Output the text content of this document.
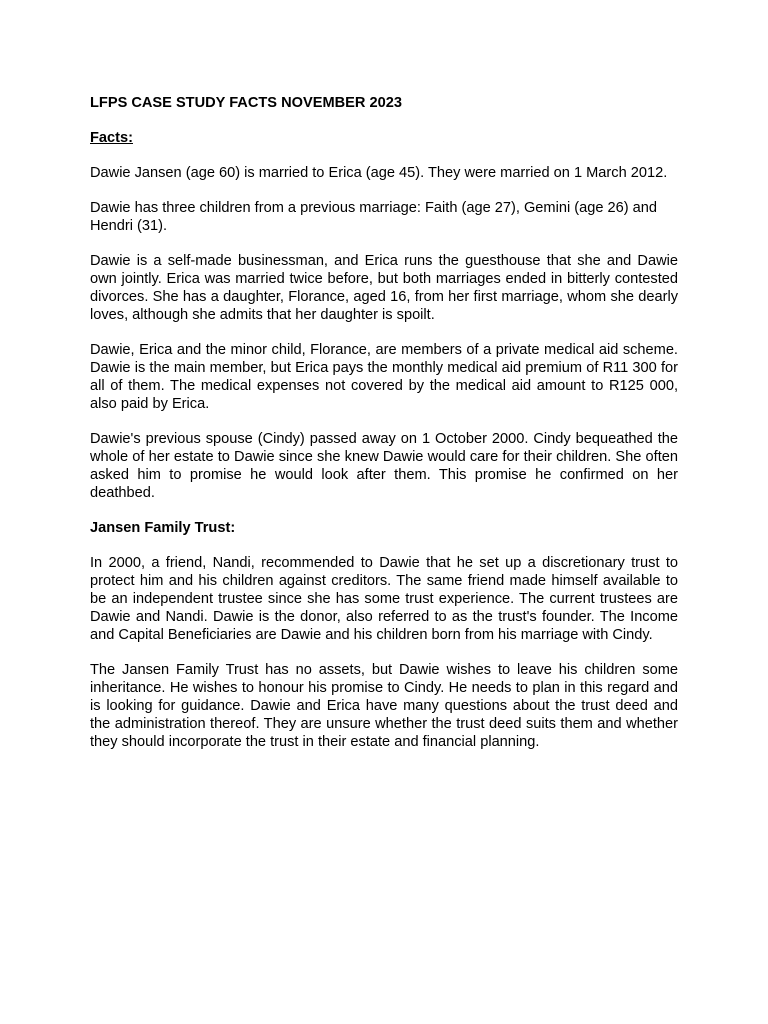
LFPS CASE STUDY FACTS NOVEMBER 2023

Facts:

Dawie Jansen (age 60) is married to Erica (age 45). They were married on 1 March 2012.

Dawie has three children from a previous marriage: Faith (age 27), Gemini (age 26) and Hendri (31).

Dawie is a self-made businessman, and Erica runs the guesthouse that she and Dawie own jointly. Erica was married twice before, but both marriages ended in bitterly contested divorces. She has a daughter, Florance, aged 16, from her first marriage, whom she dearly loves, although she admits that her daughter is spoilt.

Dawie, Erica and the minor child, Florance, are members of a private medical aid scheme. Dawie is the main member, but Erica pays the monthly medical aid premium of R11 300 for all of them. The medical expenses not covered by the medical aid amount to R125 000, also paid by Erica.

Dawie's previous spouse (Cindy) passed away on 1 October 2000. Cindy bequeathed the whole of her estate to Dawie since she knew Dawie would care for their children. She often asked him to promise he would look after them. This promise he confirmed on her deathbed.

Jansen Family Trust:

In 2000, a friend, Nandi, recommended to Dawie that he set up a discretionary trust to protect him and his children against creditors. The same friend made himself available to be an independent trustee since she has some trust experience. The current trustees are Dawie and Nandi. Dawie is the donor, also referred to as the trust's founder. The Income and Capital Beneficiaries are Dawie and his children born from his marriage with Cindy.

The Jansen Family Trust has no assets, but Dawie wishes to leave his children some inheritance. He wishes to honour his promise to Cindy. He needs to plan in this regard and is looking for guidance. Dawie and Erica have many questions about the trust deed and the administration thereof. They are unsure whether the trust deed suits them and whether they should incorporate the trust in their estate and financial planning.
